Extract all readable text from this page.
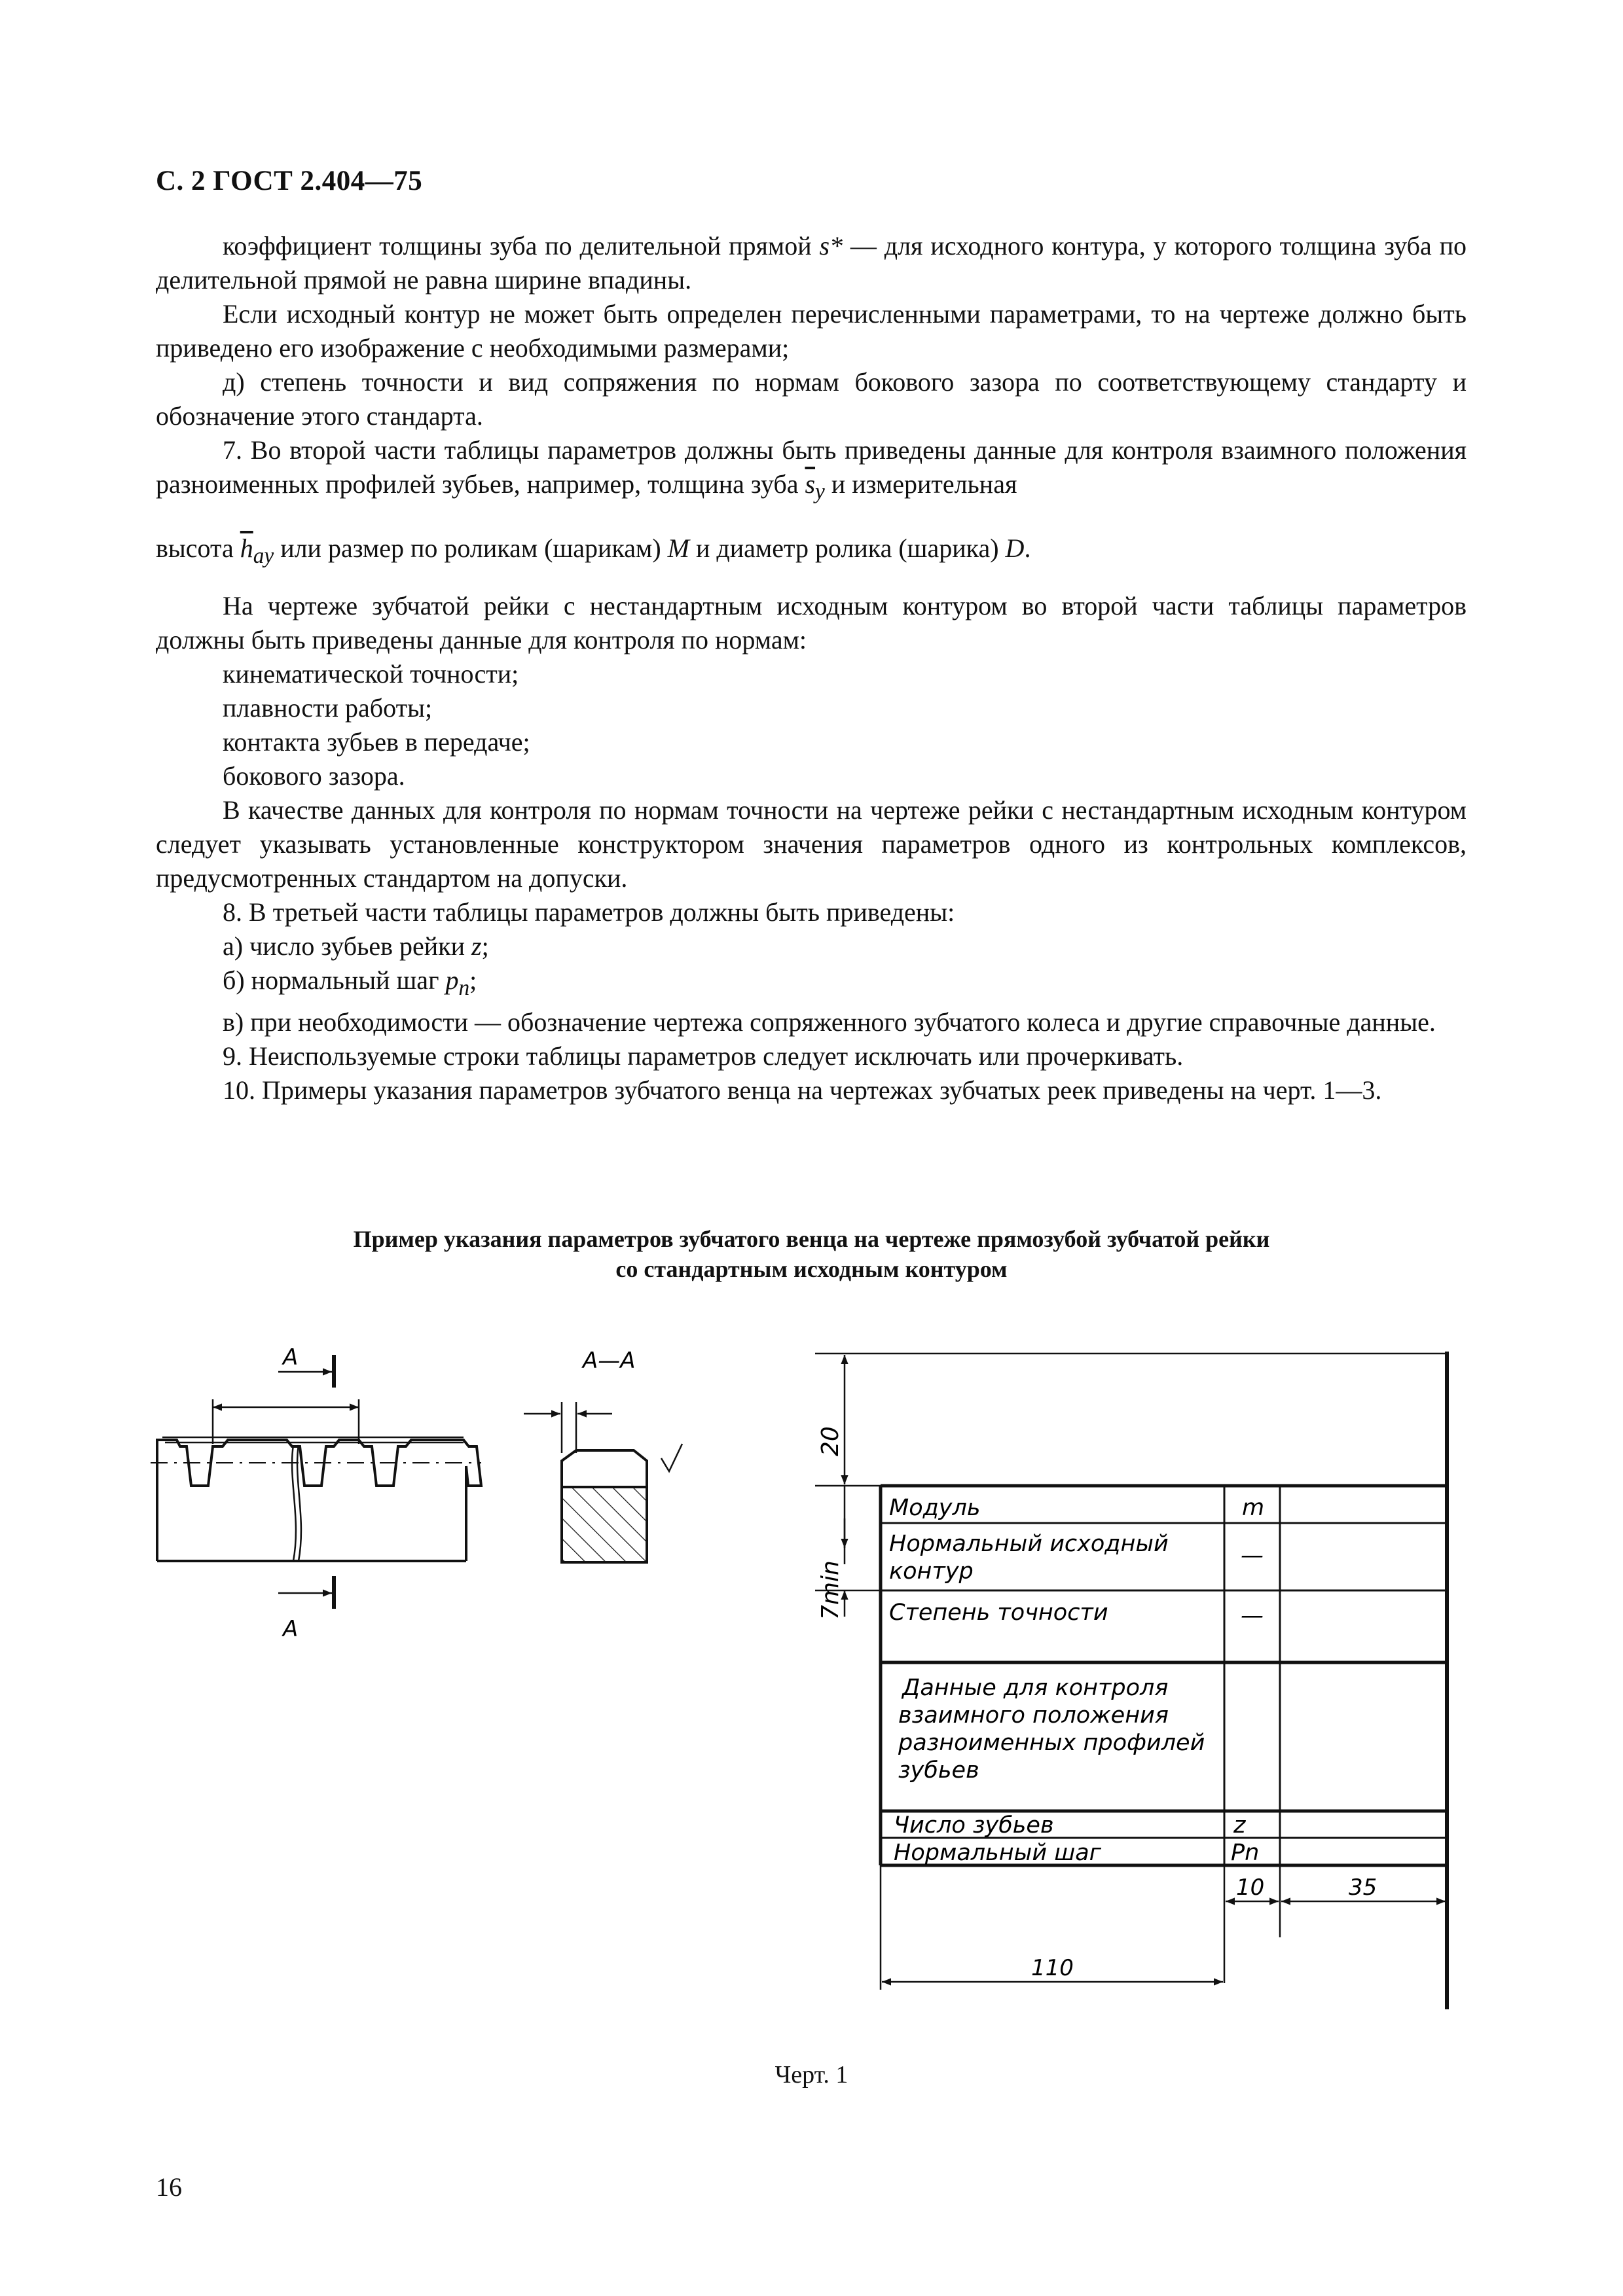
С. 2 ГОСТ 2.404—75

коэффициент толщины зуба по делительной прямой s* — для исходного контура, у которого толщина зуба по делительной прямой не равна ширине впадины.

Если исходный контур не может быть определен перечисленными параметрами, то на чертеже должно быть приведено его изображение с необходимыми размерами;

д) степень точности и вид сопряжения по нормам бокового зазора по соответствующему стандарту и обозначение этого стандарта.

7. Во второй части таблицы параметров должны быть приведены данные для контроля взаимного положения разноименных профилей зубьев, например, толщина зуба $\overline{s}_y$ и измерительная

высота $\overline{h}_{ay}$ или размер по роликам (шарикам) M и диаметр ролика (шарика) D.

На чертеже зубчатой рейки с нестандартным исходным контуром во второй части таблицы параметров должны быть приведены данные для контроля по нормам:

кинематической точности;

плавности работы;

контакта зубьев в передаче;

бокового зазора.

В качестве данных для контроля по нормам точности на чертеже рейки с нестандартным исходным контуром следует указывать установленные конструктором значения параметров одного из контрольных комплексов, предусмотренных стандартом на допуски.

8. В третьей части таблицы параметров должны быть приведены:

а) число зубьев рейки z;

б) нормальный шаг $p_n$;

в) при необходимости — обозначение чертежа сопряженного зубчатого колеса и другие справочные данные.

9. Неиспользуемые строки таблицы параметров следует исключать или прочеркивать.

10. Примеры указания параметров зубчатого венца на чертежах зубчатых реек приведены на черт. 1—3.

Пример указания параметров зубчатого венца на чертеже прямозубой зубчатой рейки
со стандартным исходным контуром
А
А
А—А
20
7min
10	35
110
Модуль	m
Нормальный исходный
контур
—
Степень точности	—
Данные для контроля
взаимного положения
разноименных профилей
зубьев
Число зубьев	z
Нормальный шаг	Pn
Черт. 1
16
